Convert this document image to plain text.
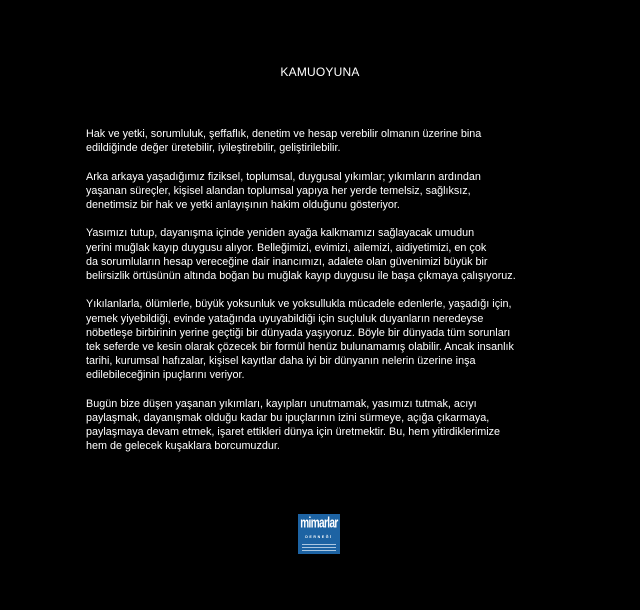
KAMUOYUNA

Hak ve yetki, sorumluluk, şeffaflık, denetim ve hesap verebilir olmanın üzerine bina
edildiğinde değer üretebilir, iyileştirebilir, geliştirilebilir.

Arka arkaya yaşadığımız fiziksel, toplumsal, duygusal yıkımlar; yıkımların ardından
yaşanan süreçler, kişisel alandan toplumsal yapıya her yerde temelsiz, sağlıksız,
denetimsiz bir hak ve yetki anlayışının hakim olduğunu gösteriyor.

Yasımızı tutup, dayanışma içinde yeniden ayağa kalkmamızı sağlayacak umudun
yerini muğlak kayıp duygusu alıyor. Belleğimizi, evimizi, ailemizi, aidiyetimizi, en çok
da sorumluların hesap vereceğine dair inancımızı, adalete olan güvenimizi büyük bir
belirsizlik örtüsünün altında boğan bu muğlak kayıp duygusu ile başa çıkmaya çalışıyoruz.

Yıkılanlarla, ölümlerle, büyük yoksunluk ve yoksullukla mücadele edenlerle, yaşadığı için,
yemek yiyebildiği, evinde yatağında uyuyabildiği için suçluluk duyanların neredeyse
nöbetleşe birbirinin yerine geçtiği bir dünyada yaşıyoruz. Böyle bir dünyada tüm sorunları
tek seferde ve kesin olarak çözecek bir formül henüz bulunamamış olabilir. Ancak insanlık
tarihi, kurumsal hafızalar, kişisel kayıtlar daha iyi bir dünyanın nelerin üzerine inşa
edilebileceğinin ipuçlarını veriyor.

Bugün bize düşen yaşanan yıkımları, kayıpları unutmamak, yasımızı tutmak, acıyı
paylaşmak, dayanışmak olduğu kadar bu ipuçlarının izini sürmeye, açığa çıkarmaya,
paylaşmaya devam etmek, işaret ettikleri dünya için üretmektir. Bu, hem yitirdiklerimize
hem de gelecek kuşaklara borcumuzdur.

mimarlar
DERNEĞİ
